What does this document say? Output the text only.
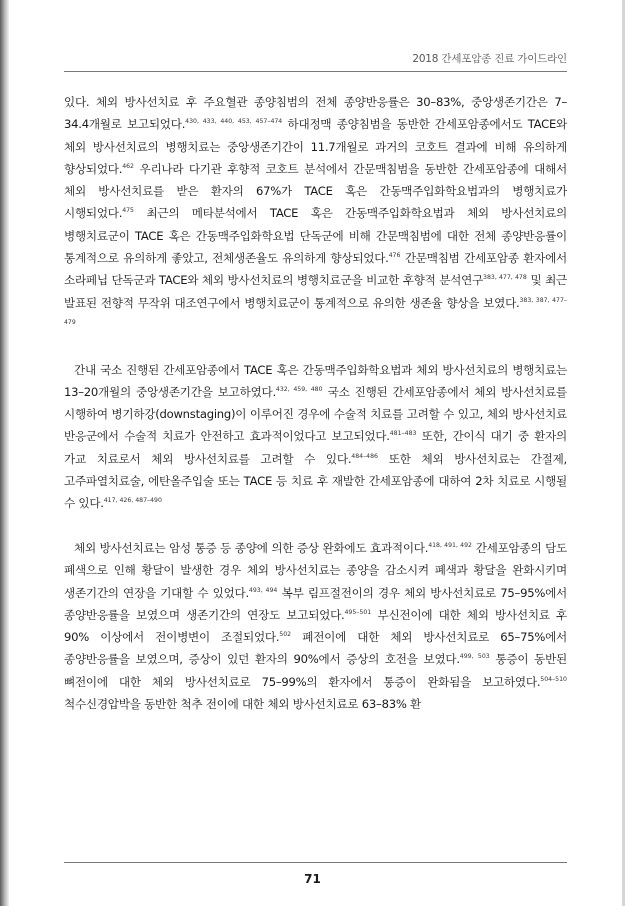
2018 간세포암종 진료 가이드라인

있다. 체외 방사선치료 후 주요혈관 종양침범의 전체 종양반응률은 30–83%, 중앙생존기간은 7–34.4개월로 보고되었다.$^{430, 433, 440, 453, 457-474}$ 하대정맥 종양침범을 동반한 간세포암종에서도 TACE와 체외 방사선치료의 병행치료는 중앙생존기간이 11.7개월로 과거의 코호트 결과에 비해 유의하게 향상되었다.$^{462}$ 우리나라 다기관 후향적 코호트 분석에서 간문맥침범을 동반한 간세포암종에 대해서 체외 방사선치료를 받은 환자의 67%가 TACE 혹은 간동맥주입화학요법과의 병행치료가 시행되었다.$^{475}$ 최근의 메타분석에서 TACE 혹은 간동맥주입화학요법과 체외 방사선치료의 병행치료군이 TACE 혹은 간동맥주입화학요법 단독군에 비해 간문맥침범에 대한 전체 종양반응률이 통계적으로 유의하게 좋았고, 전체생존율도 유의하게 향상되었다.$^{476}$ 간문맥침범 간세포암종 환자에서 소라페닙 단독군과 TACE와 체외 방사선치료의 병행치료군을 비교한 후향적 분석연구$^{383, 477, 478}$ 및 최근 발표된 전향적 무작위 대조연구에서 병행치료군이 통계적으로 유의한 생존율 향상을 보였다.$^{383, 387, 477-479}$

간내 국소 진행된 간세포암종에서 TACE 혹은 간동맥주입화학요법과 체외 방사선치료의 병행치료는 13–20개월의 중앙생존기간을 보고하였다.$^{432, 459, 480}$ 국소 진행된 간세포암종에서 체외 방사선치료를 시행하여 병기하강(downstaging)이 이루어진 경우에 수술적 치료를 고려할 수 있고, 체외 방사선치료 반응군에서 수술적 치료가 안전하고 효과적이었다고 보고되었다.$^{481-483}$ 또한, 간이식 대기 중 환자의 가교 치료로서 체외 방사선치료를 고려할 수 있다.$^{484-486}$ 또한 체외 방사선치료는 간절제, 고주파열치료술, 에탄올주입술 또는 TACE 등 치료 후 재발한 간세포암종에 대하여 2차 치료로 시행될 수 있다.$^{417, 426, 487-490}$

체외 방사선치료는 암성 통증 등 종양에 의한 증상 완화에도 효과적이다.$^{418, 491, 492}$ 간세포암종의 담도 폐색으로 인해 황달이 발생한 경우 체외 방사선치료는 종양을 감소시켜 폐색과 황달을 완화시키며 생존기간의 연장을 기대할 수 있었다.$^{493, 494}$ 복부 림프절전이의 경우 체외 방사선치료로 75–95%에서 종양반응률을 보였으며 생존기간의 연장도 보고되었다.$^{495-501}$ 부신전이에 대한 체외 방사선치료 후 90% 이상에서 전이병변이 조절되었다.$^{502}$ 폐전이에 대한 체외 방사선치료로 65–75%에서 종양반응률을 보였으며, 증상이 있던 환자의 90%에서 증상의 호전을 보였다.$^{499, 503}$ 통증이 동반된 뼈전이에 대한 체외 방사선치료로 75–99%의 환자에서 통증이 완화됨을 보고하였다.$^{504-510}$ 척수신경압박을 동반한 척추 전이에 대한 체외 방사선치료로 63–83% 환

71
